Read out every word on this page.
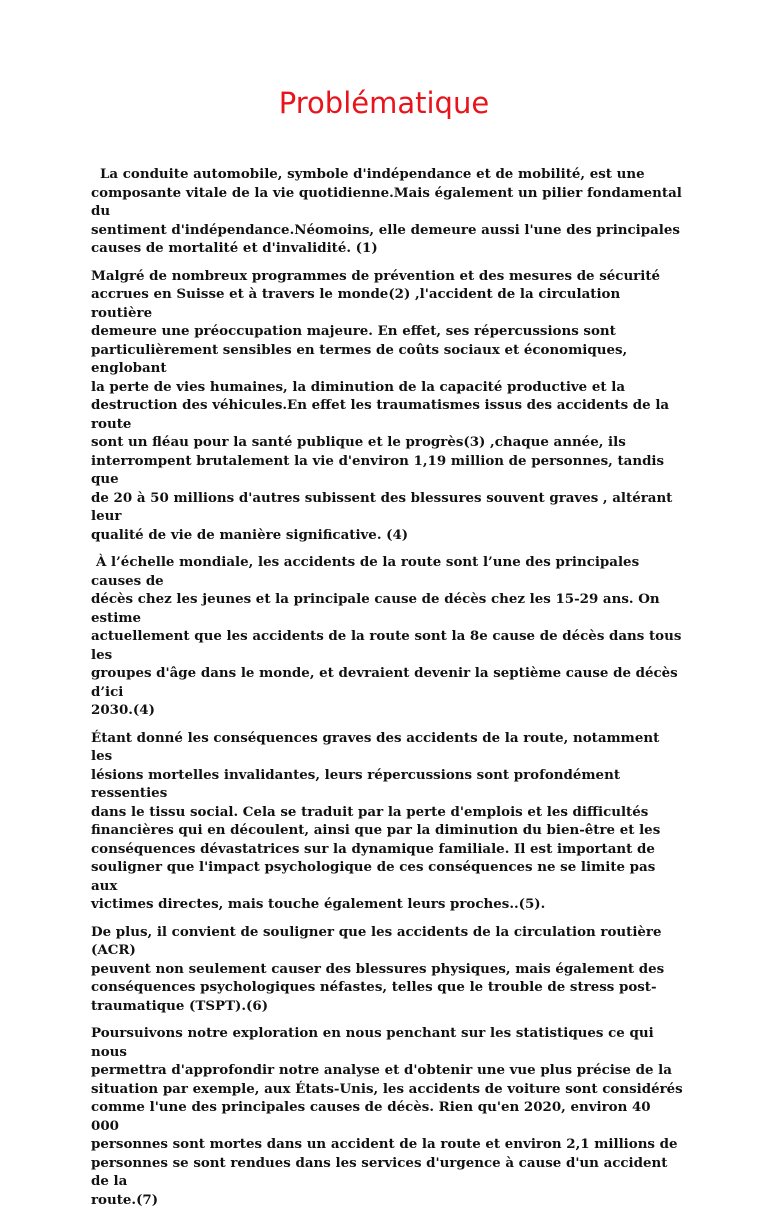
Problématique

La conduite automobile, symbole d'indépendance et de mobilité, est une
composante vitale de la vie quotidienne.Mais également un pilier fondamental du
sentiment d'indépendance.Néomoins, elle demeure aussi l'une des principales
causes de mortalité et d'invalidité. (1)

Malgré de nombreux programmes de prévention et des mesures de sécurité
accrues en Suisse et à travers le monde(2) ,l'accident de la circulation routière
demeure une préoccupation majeure. En effet, ses répercussions sont
particulièrement sensibles en termes de coûts sociaux et économiques, englobant
la perte de vies humaines, la diminution de la capacité productive et la
destruction des véhicules.En effet les traumatismes issus des accidents de la route
sont un fléau pour la santé publique et le progrès(3) ,chaque année, ils
interrompent brutalement la vie d'environ 1,19 million de personnes, tandis que
de 20 à 50 millions d'autres subissent des blessures souvent graves , altérant leur
qualité de vie de manière significative. (4)

À l’échelle mondiale, les accidents de la route sont l’une des principales causes de
décès chez les jeunes et la principale cause de décès chez les 15-29 ans. On estime
actuellement que les accidents de la route sont la 8e cause de décès dans tous les
groupes d'âge dans le monde, et devraient devenir la septième cause de décès d’ici
2030.(4)

Étant donné les conséquences graves des accidents de la route, notamment les
lésions mortelles invalidantes, leurs répercussions sont profondément ressenties
dans le tissu social. Cela se traduit par la perte d'emplois et les difficultés
financières qui en découlent, ainsi que par la diminution du bien-être et les
conséquences dévastatrices sur la dynamique familiale. Il est important de
souligner que l'impact psychologique de ces conséquences ne se limite pas aux
victimes directes, mais touche également leurs proches..(5).

De plus, il convient de souligner que les accidents de la circulation routière (ACR)
peuvent non seulement causer des blessures physiques, mais également des
conséquences psychologiques néfastes, telles que le trouble de stress post-
traumatique (TSPT).(6)

Poursuivons notre exploration en nous penchant sur les statistiques ce qui nous
permettra d'approfondir notre analyse et d'obtenir une vue plus précise de la
situation par exemple, aux États-Unis, les accidents de voiture sont considérés
comme l'une des principales causes de décès. Rien qu'en 2020, environ 40 000
personnes sont mortes dans un accident de la route et environ 2,1 millions de
personnes se sont rendues dans les services d'urgence à cause d'un accident de la
route.(7)
